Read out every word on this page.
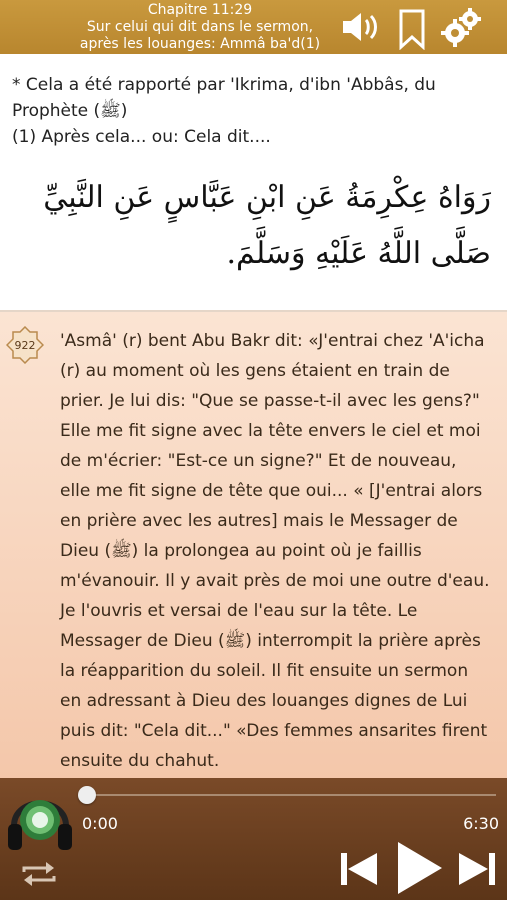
Chapitre 11:29
Sur celui qui dit dans le sermon,
après les louanges: Ammâ ba'd(1)
* Cela a été rapporté par 'Ikrima, d'ibn 'Abbâs, du Prophète (ﷺ)
(1) Après cela... ou: Cela dit....
رَوَاهُ عِكْرِمَةُ عَنِ ابْنِ عَبَّاسٍ عَنِ النَّبِيِّ صَلَّى اللَّهُ عَلَيْهِ وَسَلَّمَ.
922 'Asmâ' (r) bent Abu Bakr dit: «J'entrai chez 'A'icha (r) au moment où les gens étaient en train de prier. Je lui dis: "Que se passe-t-il avec les gens?" Elle me fit signe avec la tête envers le ciel et moi de m'écrier: "Est-ce un signe?" Et de nouveau, elle me fit signe de tête que oui... « [J'entrai alors en prière avec les autres] mais le Messager de Dieu (ﷺ) la prolongea au point où je faillis m'évanouir. Il y avait près de moi une outre d'eau. Je l'ouvris et versai de l'eau sur la tête. Le Messager de Dieu (ﷺ) interrompit la prière après la réapparition du soleil. Il fit ensuite un sermon en adressant à Dieu des louanges dignes de Lui puis dit: "Cela dit..." «Des femmes ansarites firent ensuite du chahut.
0:00	6:30
